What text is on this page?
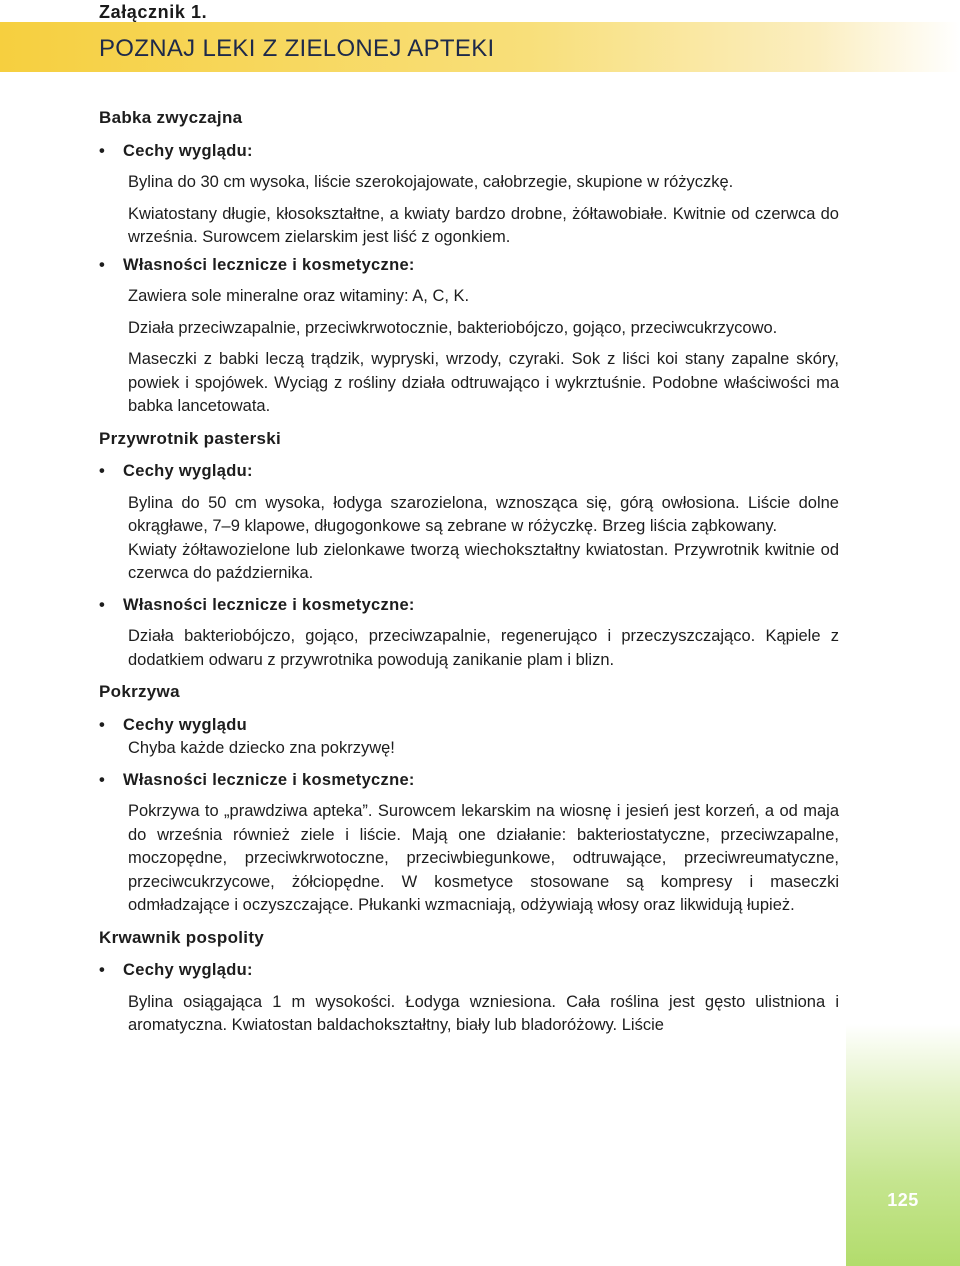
Załącznik 1.
POZNAJ LEKI Z ZIELONEJ APTEKI
125
Babka zwyczajna
• Cechy wyglądu:

Bylina do 30 cm wysoka, liście szerokojajowate, całobrzegie, skupione w różyczkę.

Kwiatostany długie, kłosokształtne, a kwiaty bardzo drobne, żółtawobiałe. Kwitnie od czerwca do września. Surowcem zielarskim jest liść z ogonkiem.

• Własności lecznicze i kosmetyczne:

Zawiera sole mineralne oraz witaminy: A, C, K.

Działa przeciwzapalnie, przeciwkrwotocznie, bakteriobójczo, gojąco, przeciwcukrzycowo.

Maseczki z babki leczą trądzik, wypryski, wrzody, czyraki. Sok z liści koi stany zapalne skóry, powiek i spojówek. Wyciąg z rośliny działa odtruwająco i wykrztuśnie. Podobne właściwości ma babka lancetowata.

Przywrotnik pasterski
• Cechy wyglądu:

Bylina do 50 cm wysoka, łodyga szarozielona, wznosząca się, górą owłosiona. Liście dolne okrągławe, 7–9 klapowe, długogonkowe są zebrane w różyczkę. Brzeg liścia ząbkowany.

Kwiaty żółtawozielone lub zielonkawe tworzą wiechokształtny kwiatostan. Przywrotnik kwitnie od czerwca do października.

• Własności lecznicze i kosmetyczne:

Działa bakteriobójczo, gojąco, przeciwzapalnie, regenerująco i przeczyszczająco. Kąpiele z dodatkiem odwaru z przywrotnika powodują zanikanie plam i blizn.

Pokrzywa
• Cechy wyglądu

Chyba każde dziecko zna pokrzywę!

• Własności lecznicze i kosmetyczne:

Pokrzywa to „prawdziwa apteka”. Surowcem lekarskim na wiosnę i jesień jest korzeń, a od maja do września również ziele i liście. Mają one działanie: bakteriostatyczne, przeciwzapalne, moczopędne, przeciwkrwotoczne, przeciwbiegunkowe, odtruwające, przeciwreumatyczne, przeciwcukrzycowe, żółciopędne. W kosmetyce stosowane są kompresy i maseczki odmładzające i oczyszczające. Płukanki wzmacniają, odżywiają włosy oraz likwidują łupież.

Krwawnik pospolity
• Cechy wyglądu:

Bylina osiągająca 1 m wysokości. Łodyga wzniesiona. Cała roślina jest gęsto ulistniona i aromatyczna. Kwiatostan baldachokształtny, biały lub bladoróżowy. Liście
